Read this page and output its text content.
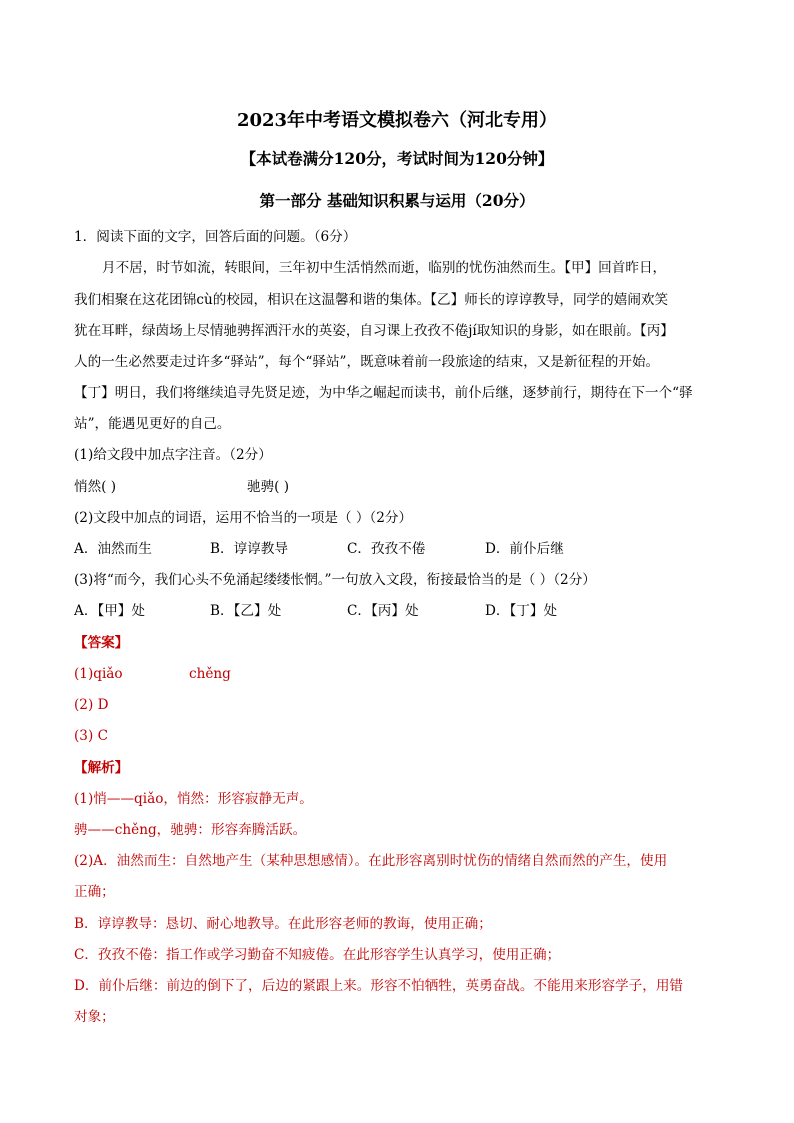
2023年中考语文模拟卷六（河北专用）
【本试卷满分120分，考试时间为120分钟】
第一部分 基础知识积累与运用（20分）
1．阅读下面的文字，回答后面的问题。（6分）
月不居，时节如流，转眼间，三年初中生活悄然而逝，临别的忧伤油然而生。【甲】回首昨日，
我们相聚在这花团锦cù的校园，相识在这温馨和谐的集体。【乙】师长的谆谆教导，同学的嬉闹欢笑
犹在耳畔，绿茵场上尽情驰骋挥洒汗水的英姿，自习课上孜孜不倦jí取知识的身影，如在眼前。【丙】
人的一生必然要走过许多“驿站”，每个“驿站”，既意味着前一段旅途的结束，又是新征程的开始。
【丁】明日，我们将继续追寻先贤足迹，为中华之崛起而读书，前仆后继，逐梦前行，期待在下一个“驿
站”，能遇见更好的自己。
(1)给文段中加点字注音。（2分）
悄然( )	驰骋( )
(2)文段中加点的词语，运用不恰当的一项是（ ）（2分）
A．油然而生	B．谆谆教导	C．孜孜不倦	D．前仆后继
(3)将“而今，我们心头不免涌起缕缕怅惘。”一句放入文段，衔接最恰当的是（ ）（2分）
A．【甲】处	B．【乙】处	C．【丙】处	D．【丁】处
【答案】
(1)qiǎo	chěng
(2) D
(3) C
【解析】
(1)悄——qiǎo，悄然：形容寂静无声。
骋——chěng，驰骋：形容奔腾活跃。
(2)A．油然而生：自然地产生（某种思想感情）。在此形容离别时忧伤的情绪自然而然的产生，使用
正确；
B．谆谆教导：恳切、耐心地教导。在此形容老师的教诲，使用正确；
C．孜孜不倦：指工作或学习勤奋不知疲倦。在此形容学生认真学习，使用正确；
D．前仆后继：前边的倒下了，后边的紧跟上来。形容不怕牺牲，英勇奋战。不能用来形容学子，用错
对象；
